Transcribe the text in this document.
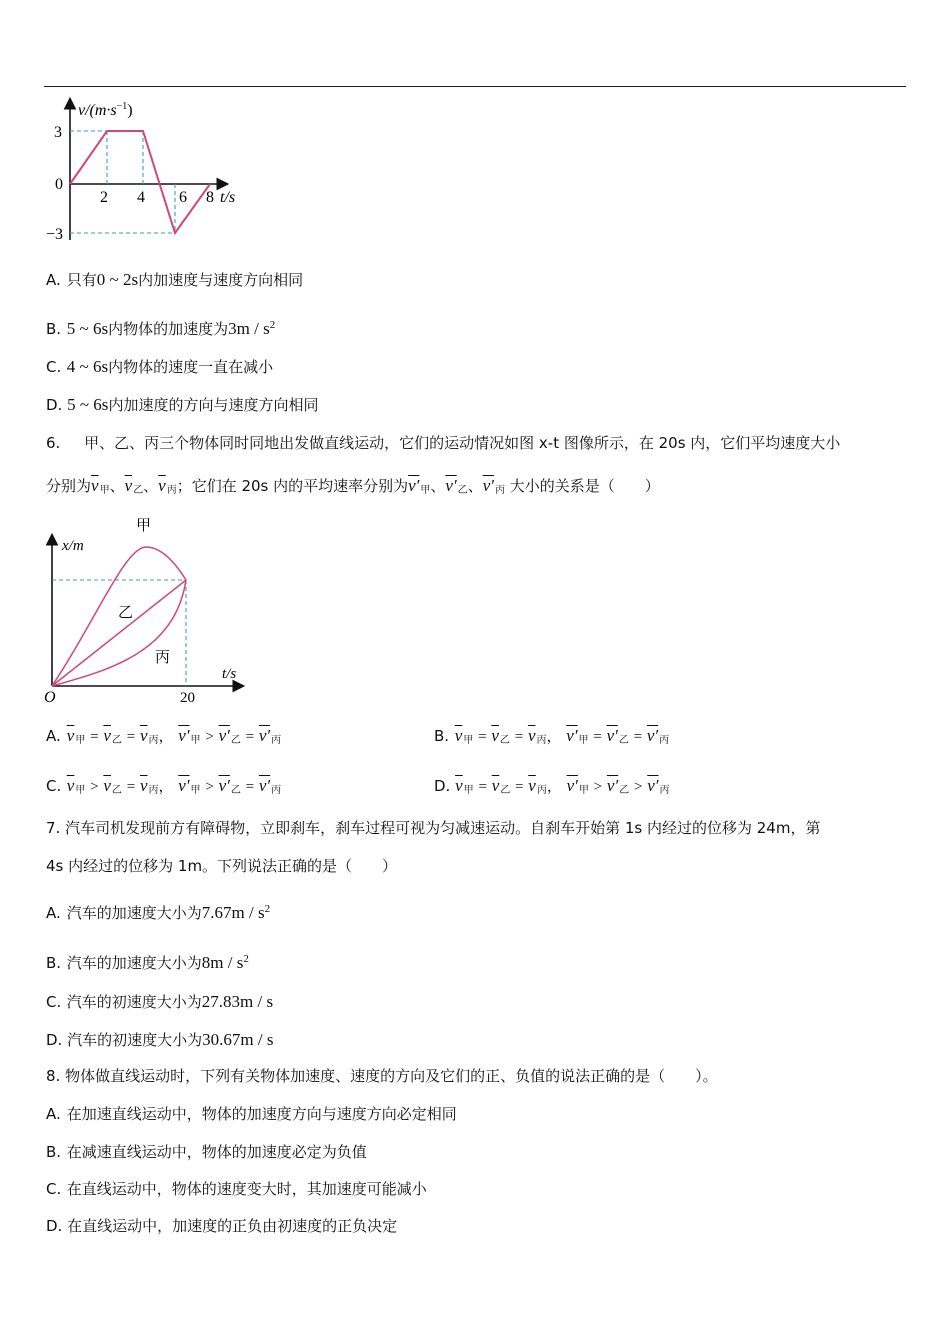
$v/(m\cdot s^{-1})$
3
0
−3
2 4 6 8 t/s
A. 只有0 ~ 2s内加速度与速度方向相同
B. 5 ~ 6s内物体的加速度为$3m / s^2$
C. 4 ~ 6s内物体的速度一直在减小
D. 5 ~ 6s内加速度的方向与速度方向相同
6. 甲、乙、丙三个物体同时同地出发做直线运动，它们的运动情况如图 x-t 图像所示，在 20s 内，它们平均速度大小
分别为$\overline{v}_甲$、$\overline{v}_乙$、$\overline{v}_丙$；它们在 20s 内的平均速率分别为$v'_甲$、$v'_乙$、$v'_丙$ 大小的关系是（　　）
x/m
甲
乙
丙
t/s
O	20
A. $\overline{v}_甲 = \overline{v}_乙 = \overline{v}_丙$， $v'_甲 > v'_乙 = v'_丙$	B. $\overline{v}_甲 = \overline{v}_乙 = \overline{v}_丙$， $v'_甲 = v'_乙 = v'_丙$
C. $\overline{v}_甲 > \overline{v}_乙 = \overline{v}_丙$， $v'_甲 > v'_乙 = v'_丙$	D. $\overline{v}_甲 = \overline{v}_乙 = \overline{v}_丙$， $v'_甲 > v'_乙 > v'_丙$
7. 汽车司机发现前方有障碍物，立即刹车，刹车过程可视为匀减速运动。自刹车开始第 1s 内经过的位移为 24m，第
4s 内经过的位移为 1m。下列说法正确的是（　　）
A. 汽车的加速度大小为$7.67m / s^2$
B. 汽车的加速度大小为$8m / s^2$
C. 汽车的初速度大小为27.83m / s
D. 汽车的初速度大小为30.67m / s
8. 物体做直线运动时，下列有关物体加速度、速度的方向及它们的正、负值的说法正确的是（　　）。
A. 在加速直线运动中，物体的加速度方向与速度方向必定相同
B. 在减速直线运动中，物体的加速度必定为负值
C. 在直线运动中，物体的速度变大时，其加速度可能减小
D. 在直线运动中，加速度的正负由初速度的正负决定
